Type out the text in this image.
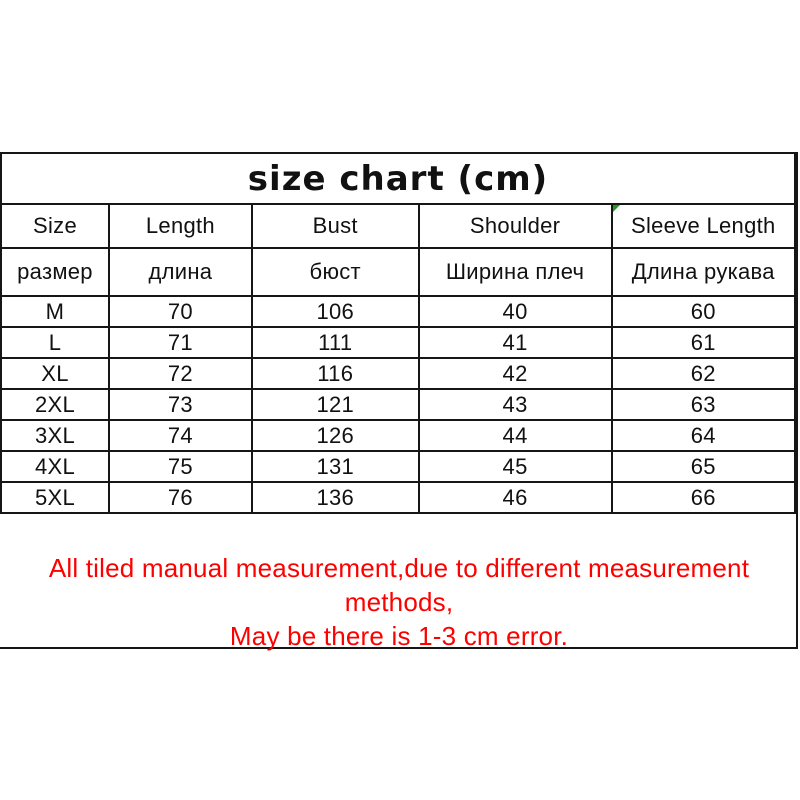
size chart (cm)				
Size	Length	Bust	Shoulder	Sleeve Length
размер	длина	бюст	Ширина плеч	Длина рукава
M	70	106	40	60
L	71	111	41	61
XL	72	116	42	62
2XL	73	121	43	63
3XL	74	126	44	64
4XL	75	131	45	65
5XL	76	136	46	66
All tiled manual measurement,due to different measurement methods,
May be there is 1-3 cm error.
